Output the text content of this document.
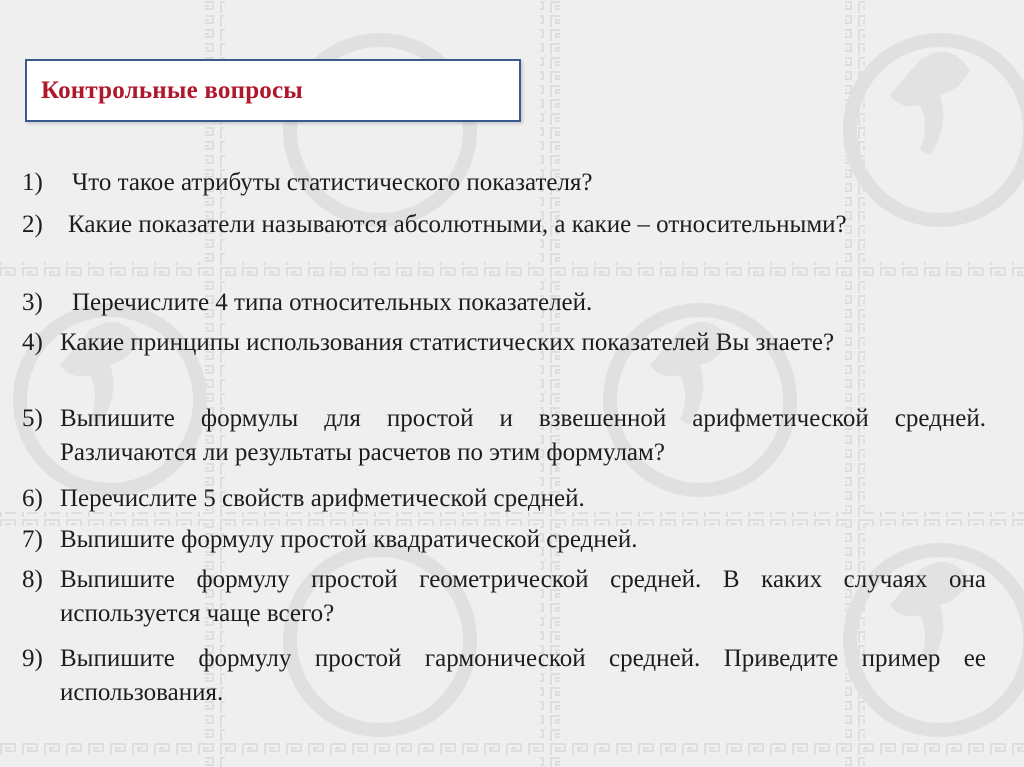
Контрольные вопросы
1) Что такое атрибуты статистического показателя?
2) Какие показатели называются абсолютными, а какие – относительными?
3) Перечислите 4 типа относительных показателей.
4) Какие принципы использования статистических показателей Вы знаете?
5) Выпишите формулы для простой и взвешенной арифметической средней. Различаются ли результаты расчетов по этим формулам?
6) Перечислите 5 свойств арифметической средней.
7) Выпишите формулу простой квадратической средней.
8) Выпишите формулу простой геометрической средней. В каких случаях она используется чаще всего?
9) Выпишите формулу простой гармонической средней. Приведите пример ее использования.
